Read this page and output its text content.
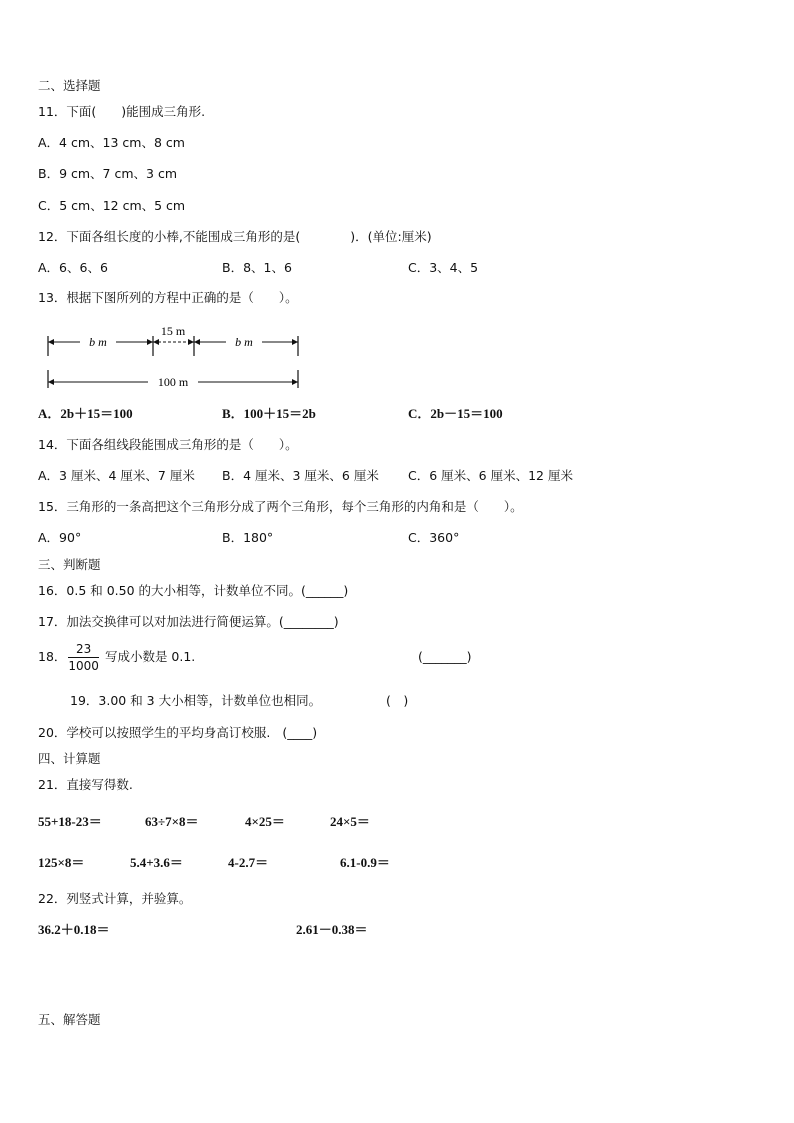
二、选择题
11．下面(　　)能围成三角形.
A．4 cm、13 cm、8 cm
B．9 cm、7 cm、3 cm
C．5 cm、12 cm、5 cm
12．下面各组长度的小棒,不能围成三角形的是(　　　　)．(单位:厘米)
A．6、6、6	B．8、1、6	C．3、4、5
13．根据下图所列的方程中正确的是（　　）。
b m
15 m
b m
100 m
A．2b＋15＝100	B．100＋15＝2b	C．2b－15＝100
14．下面各组线段能围成三角形的是（　　）。
A．3 厘米、4 厘米、7 厘米 B．4 厘米、3 厘米、6 厘米 C．6 厘米、6 厘米、12 厘米
15．三角形的一条高把这个三角形分成了两个三角形，每个三角形的内角和是（　　）。
A．90°	B．180°	C．360°
三、判断题
16．0.5 和 0.50 的大小相等，计数单位不同。(______)
17．加法交换律可以对加法进行简便运算。(________)
18． $\frac{23}{1000}$ 写成小数是 0.1.	(_______)
19．3.00 和 3 大小相等，计数单位也相同。	(　)
20．学校可以按照学生的平均身高订校服. (____)
四、计算题
21．直接写得数.
55+18-23＝	63÷7×8＝	4×25＝	24×5＝
125×8＝	5.4+3.6＝	4-2.7＝	6.1-0.9＝
22．列竖式计算，并验算。
36.2＋0.18＝	2.61－0.38＝
五、解答题
